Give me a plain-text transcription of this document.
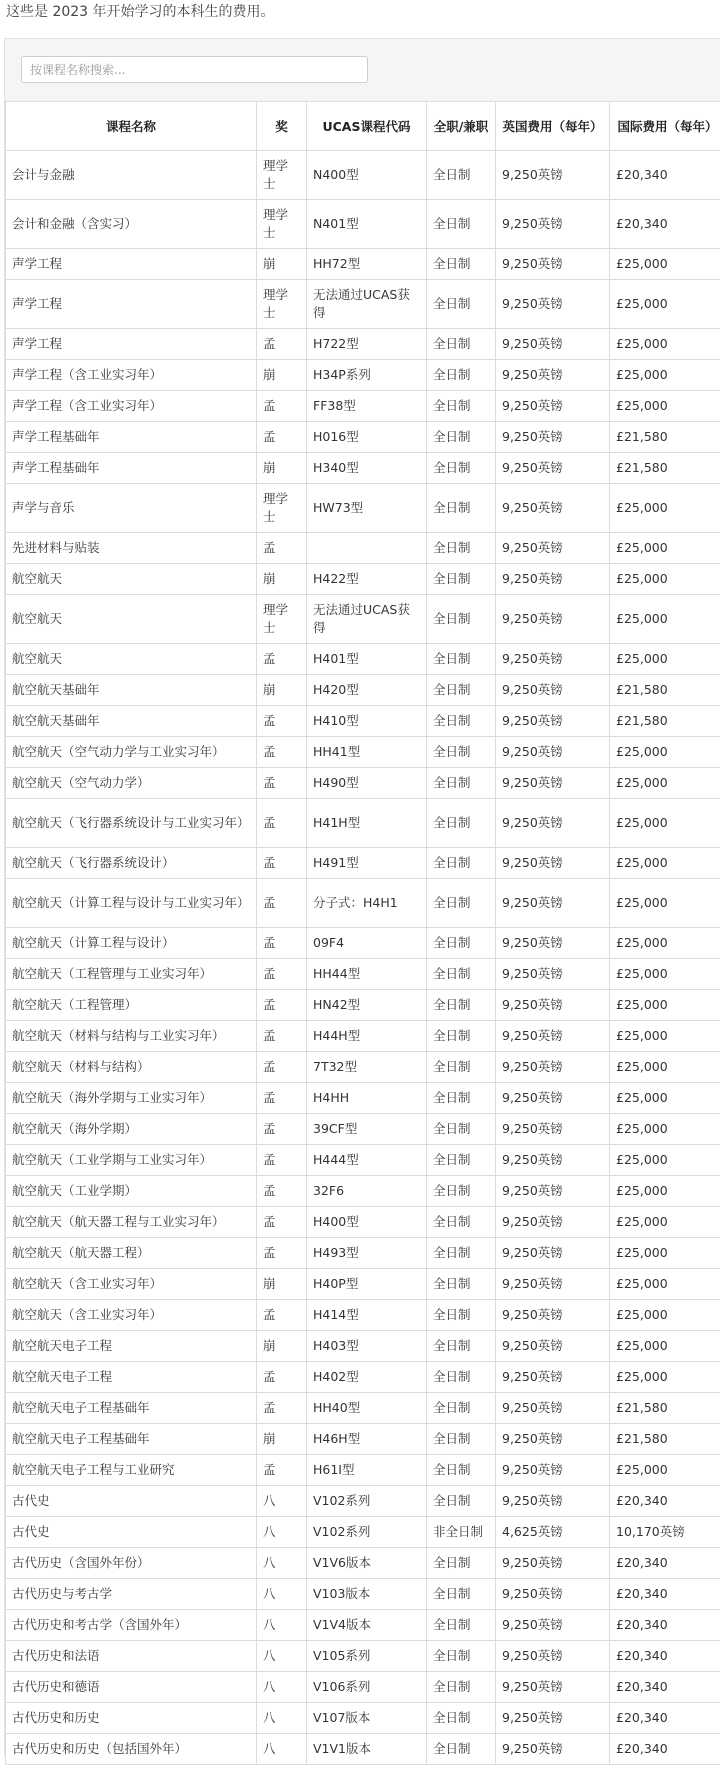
这些是 2023 年开始学习的本科生的费用。
按课程名称搜索...
课程名称	奖	UCAS课程代码	全职/兼职	英国费用（每年）	国际费用（每年）
会计与金融	理学士	N400型	全日制	9,250英镑	£20,340
会计和金融（含实习）	理学士	N401型	全日制	9,250英镑	£20,340
声学工程	崩	HH72型	全日制	9,250英镑	£25,000
声学工程	理学士	无法通过UCAS获得	全日制	9,250英镑	£25,000
声学工程	孟	H722型	全日制	9,250英镑	£25,000
声学工程（含工业实习年）	崩	H34P系列	全日制	9,250英镑	£25,000
声学工程（含工业实习年）	孟	FF38型	全日制	9,250英镑	£25,000
声学工程基础年	孟	H016型	全日制	9,250英镑	£21,580
声学工程基础年	崩	H340型	全日制	9,250英镑	£21,580
声学与音乐	理学士	HW73型	全日制	9,250英镑	£25,000
先进材料与贴装	孟		全日制	9,250英镑	£25,000
航空航天	崩	H422型	全日制	9,250英镑	£25,000
航空航天	理学士	无法通过UCAS获得	全日制	9,250英镑	£25,000
航空航天	孟	H401型	全日制	9,250英镑	£25,000
航空航天基础年	崩	H420型	全日制	9,250英镑	£21,580
航空航天基础年	孟	H410型	全日制	9,250英镑	£21,580
航空航天（空气动力学与工业实习年）	孟	HH41型	全日制	9,250英镑	£25,000
航空航天（空气动力学）	孟	H490型	全日制	9,250英镑	£25,000
航空航天（飞行器系统设计与工业实习年）	孟	H41H型	全日制	9,250英镑	£25,000
航空航天（飞行器系统设计）	孟	H491型	全日制	9,250英镑	£25,000
航空航天（计算工程与设计与工业实习年）	孟	分子式：H4H1	全日制	9,250英镑	£25,000
航空航天（计算工程与设计）	孟	09F4	全日制	9,250英镑	£25,000
航空航天（工程管理与工业实习年）	孟	HH44型	全日制	9,250英镑	£25,000
航空航天（工程管理）	孟	HN42型	全日制	9,250英镑	£25,000
航空航天（材料与结构与工业实习年）	孟	H44H型	全日制	9,250英镑	£25,000
航空航天（材料与结构）	孟	7T32型	全日制	9,250英镑	£25,000
航空航天（海外学期与工业实习年）	孟	H4HH	全日制	9,250英镑	£25,000
航空航天（海外学期）	孟	39CF型	全日制	9,250英镑	£25,000
航空航天（工业学期与工业实习年）	孟	H444型	全日制	9,250英镑	£25,000
航空航天（工业学期）	孟	32F6	全日制	9,250英镑	£25,000
航空航天（航天器工程与工业实习年）	孟	H400型	全日制	9,250英镑	£25,000
航空航天（航天器工程）	孟	H493型	全日制	9,250英镑	£25,000
航空航天（含工业实习年）	崩	H40P型	全日制	9,250英镑	£25,000
航空航天（含工业实习年）	孟	H414型	全日制	9,250英镑	£25,000
航空航天电子工程	崩	H403型	全日制	9,250英镑	£25,000
航空航天电子工程	孟	H402型	全日制	9,250英镑	£25,000
航空航天电子工程基础年	孟	HH40型	全日制	9,250英镑	£21,580
航空航天电子工程基础年	崩	H46H型	全日制	9,250英镑	£21,580
航空航天电子工程与工业研究	孟	H61I型	全日制	9,250英镑	£25,000
古代史	八	V102系列	全日制	9,250英镑	£20,340
古代史	八	V102系列	非全日制	4,625英镑	10,170英镑
古代历史（含国外年份）	八	V1V6版本	全日制	9,250英镑	£20,340
古代历史与考古学	八	V103版本	全日制	9,250英镑	£20,340
古代历史和考古学（含国外年）	八	V1V4版本	全日制	9,250英镑	£20,340
古代历史和法语	八	V105系列	全日制	9,250英镑	£20,340
古代历史和德语	八	V106系列	全日制	9,250英镑	£20,340
古代历史和历史	八	V107版本	全日制	9,250英镑	£20,340
古代历史和历史（包括国外年）	八	V1V1版本	全日制	9,250英镑	£20,340
